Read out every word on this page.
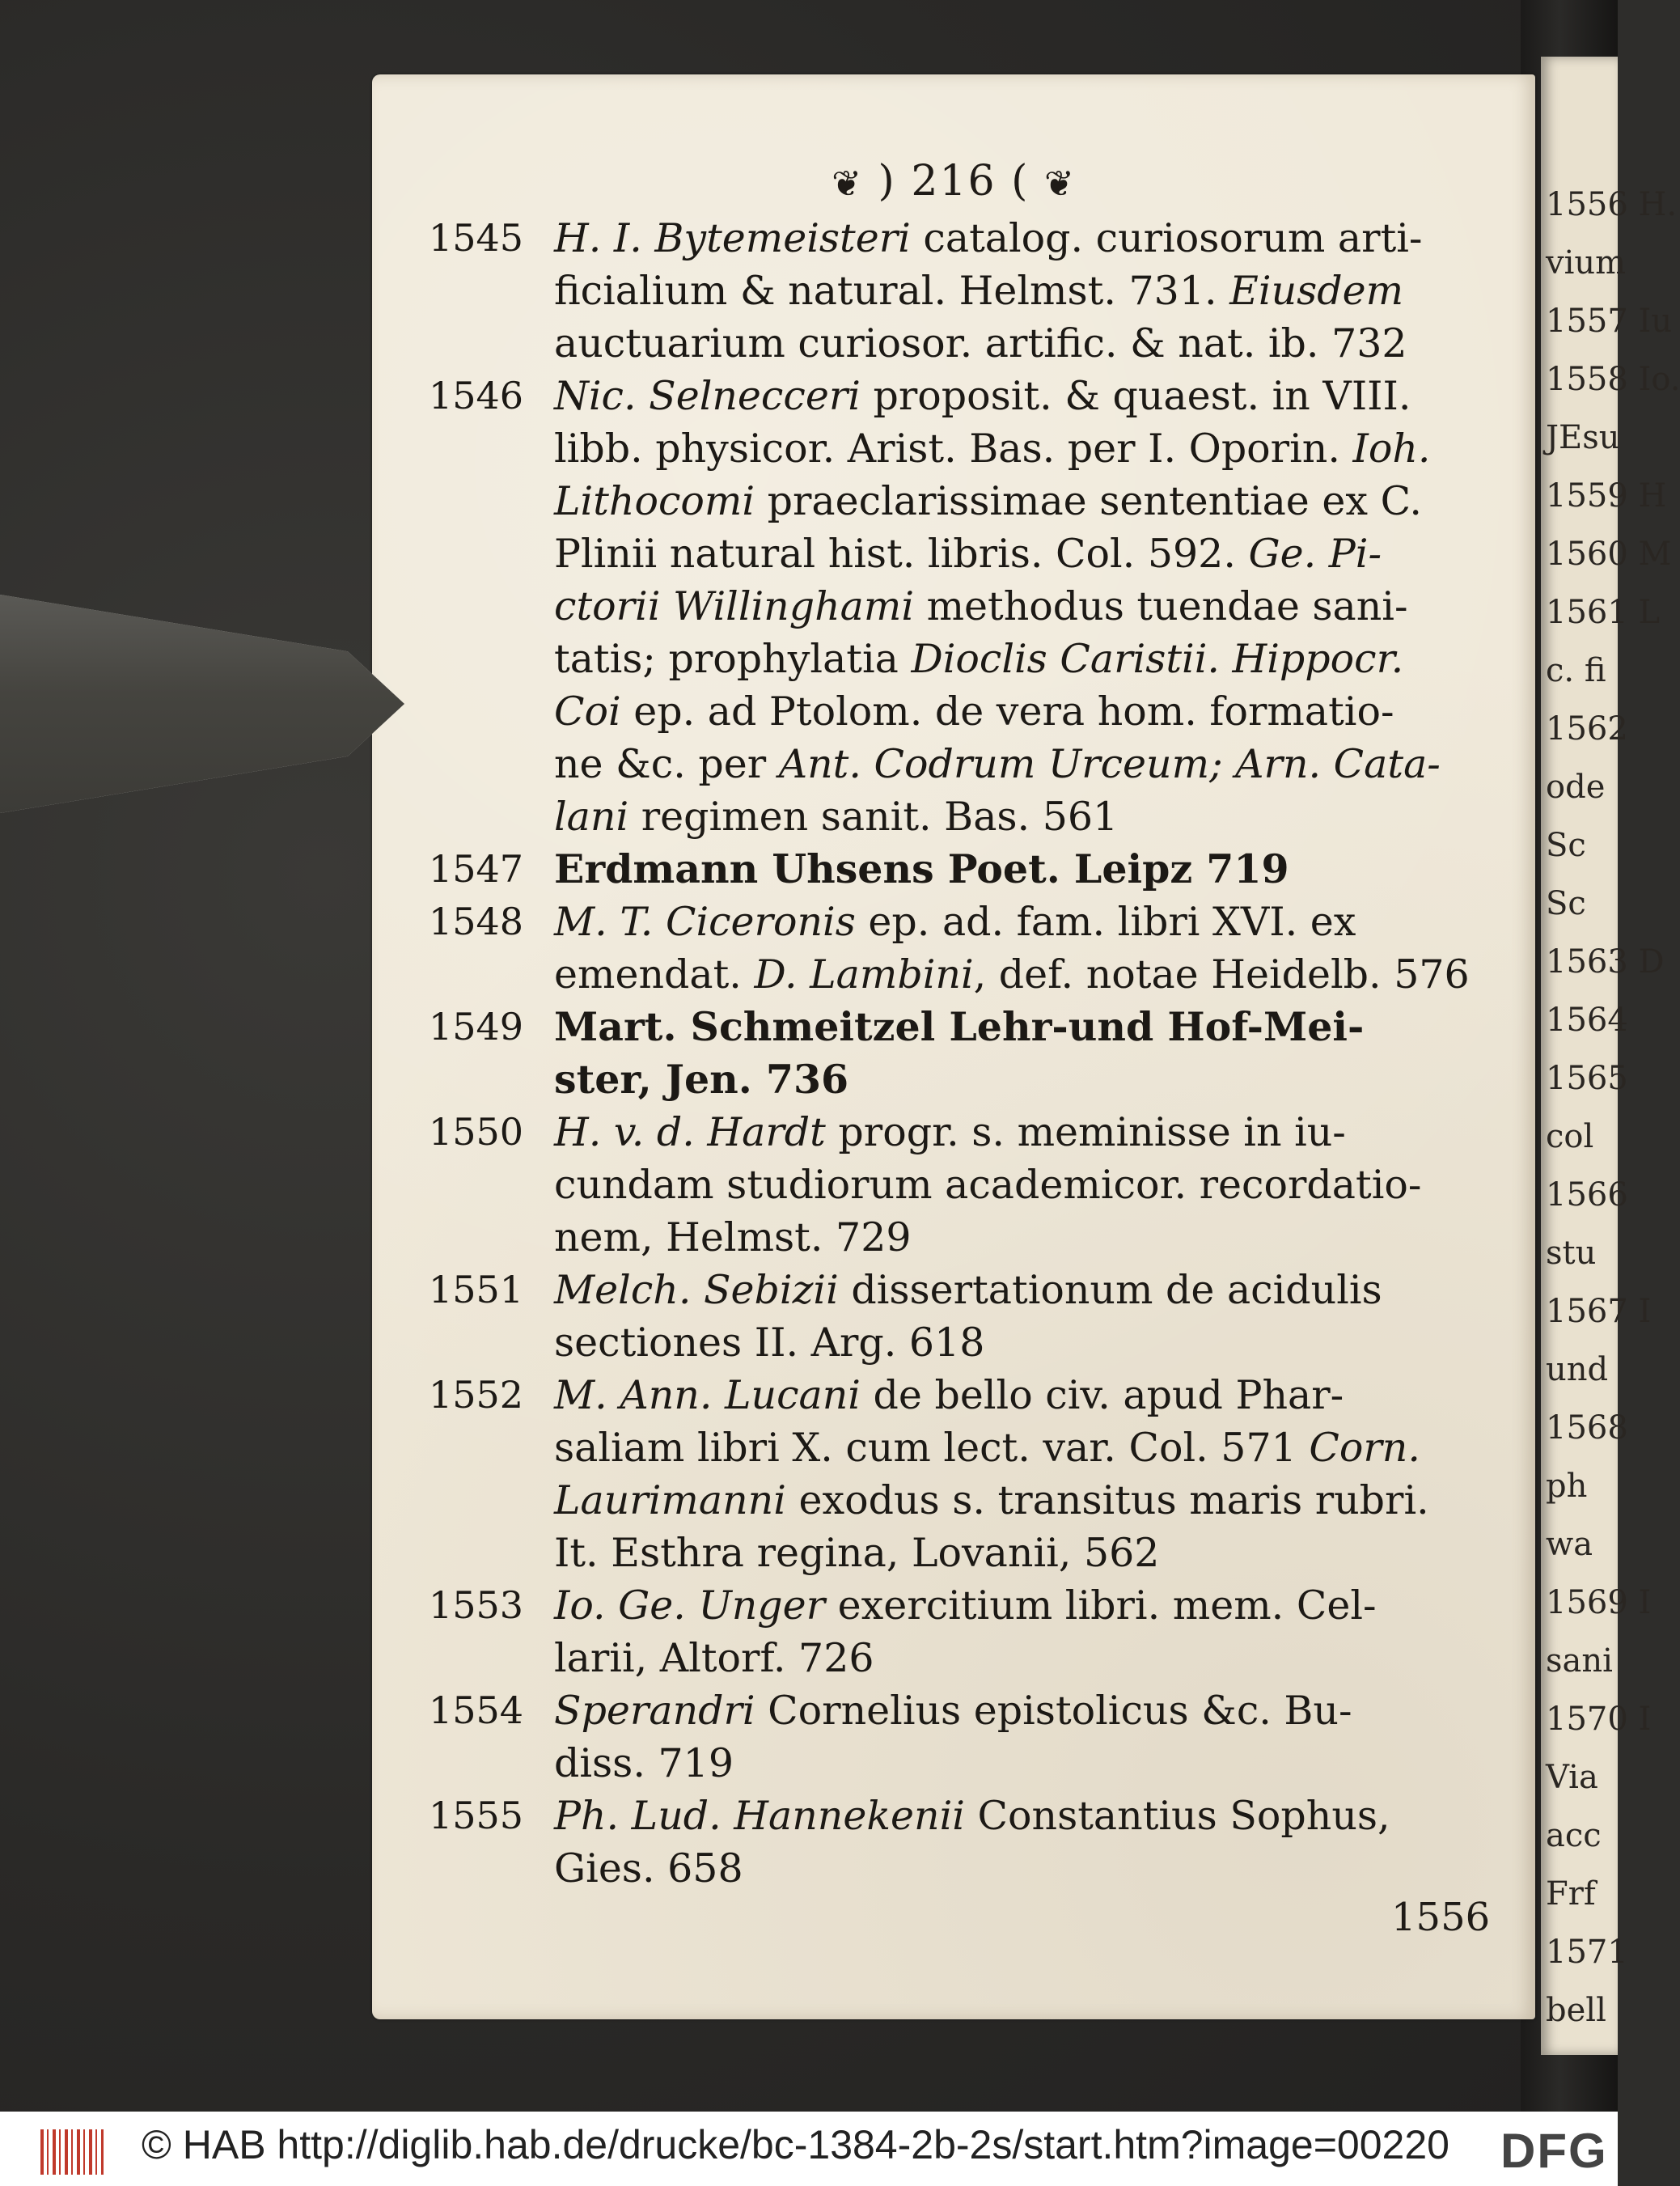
1556 H.
vium
1557 Iu
1558 Io.
JEsu
1559 H
1560 M
1561 L
c. fi
1562
ode
Sc
Sc
1563 D
1564
1565
col
1566
stu
1567 I
und
1568
ph
wa
1569 I
sani
1570 I
Via
acc
Frf
1571
bell
❦ ) 216 ( ❦
1545 H. I. Bytemeisteri catalog. curiosorum arti-
ficialium & natural. Helmst. 731. Eiusdem
auctuarium curiosor. artific. & nat. ib. 732
1546 Nic. Selnecceri proposit. & quaest. in VIII.
libb. physicor. Arist. Bas. per I. Oporin. Ioh.
Lithocomi praeclarissimae sententiae ex C.
Plinii natural hist. libris. Col. 592. Ge. Pi-
ctorii Willinghami methodus tuendae sani-
tatis; prophylatia Dioclis Caristii. Hippocr.
Coi ep. ad Ptolom. de vera hom. formatio-
ne &c. per Ant. Codrum Urceum; Arn. Cata-
lani regimen sanit. Bas. 561
1547 Erdmann Uhsens Poet. Leipz 719
1548 M. T. Ciceronis ep. ad. fam. libri XVI. ex
emendat. D. Lambini, def. notae Heidelb. 576
1549 Mart. Schmeitzel Lehr-und Hof-Mei-
ster, Jen. 736
1550 H. v. d. Hardt progr. s. meminisse in iu-
cundam studiorum academicor. recordatio-
nem, Helmst. 729
1551 Melch. Sebizii dissertationum de acidulis
sectiones II. Arg. 618
1552 M. Ann. Lucani de bello civ. apud Phar-
saliam libri X. cum lect. var. Col. 571 Corn.
Laurimanni exodus s. transitus maris rubri.
It. Esthra regina, Lovanii, 562
1553 Io. Ge. Unger exercitium libri. mem. Cel-
larii, Altorf. 726
1554 Sperandri Cornelius epistolicus &c. Bu-
diss. 719
1555 Ph. Lud. Hannekenii Constantius Sophus,
Gies. 658
1556
© HAB http://diglib.hab.de/drucke/bc-1384-2b-2s/start.htm?image=00220 DFG
